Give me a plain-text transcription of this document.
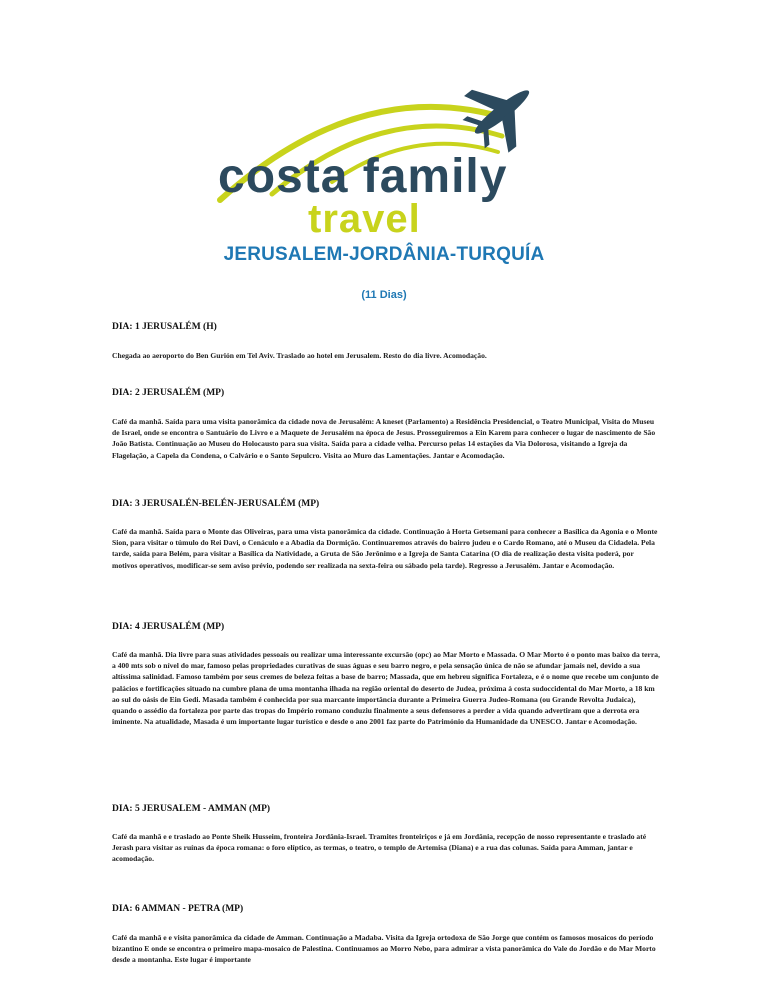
costa family
travel
JERUSALEM-JORDÂNIA-TURQUÍA
(11 Dias)
DIA: 1 JERUSALÉM (H)

Chegada ao aeroporto do Ben Gurión em Tel Aviv. Traslado ao hotel em Jerusalem. Resto do dia livre. Acomodação.

DIA: 2 JERUSALÉM (MP)

Café da manhã. Saída para uma visita panorâmica da cidade nova de Jerusalém: A kneset (Parlamento) a Residência Presidencial, o Teatro Municipal, Visita do Museu de Israel, onde se encontra o Santuário do Livro e a Maquete de Jerusalém na época de Jesus. Prosseguiremos a Ein Karem para conhecer o lugar de nascimento de São João Batista. Continuação ao Museu do Holocausto para sua visita. Saída para a cidade velha. Percurso pelas 14 estações da Via Dolorosa, visitando a Igreja da Flagelação, a Capela da Condena, o Calvário e o Santo Sepulcro. Visita ao Muro das Lamentações. Jantar e Acomodação.

DIA: 3 JERUSALÉN-BELÉN-JERUSALÉM (MP)

Café da manhã. Saída para o Monte das Oliveiras, para uma vista panorâmica da cidade. Continuação à Horta Getsemani para conhecer a Basílica da Agonia e o Monte Sion, para visitar o túmulo do Rei Davi, o Cenáculo e a Abadia da Dormição. Continuaremos através do bairro judeu e o Cardo Romano, até o Museu da Cidadela. Pela tarde, saída para Belém, para visitar a Basílica da Natividade, a Gruta de São Jerônimo e a Igreja de Santa Catarina (O dia de realização desta visita poderá, por motivos operativos, modificar-se sem aviso prévio, podendo ser realizada na sexta-feira ou sábado pela tarde). Regresso a Jerusalém. Jantar e Acomodação.

DIA: 4 JERUSALÉM (MP)

Café da manhã. Dia livre para suas atividades pessoais ou realizar uma interessante excursão (opc) ao Mar Morto e Massada. O Mar Morto é o ponto mas baixo da terra, a 400 mts sob o nível do mar, famoso pelas propriedades curativas de suas águas e seu barro negro, e pela sensação única de não se afundar jamais nel, devido a sua altíssima salinidad. Famoso também por seus cremes de beleza feitas a base de barro; Massada, que em hebreu significa Fortaleza, e é o nome que recebe um conjunto de palácios e fortificações situado na cumbre plana de uma montanha ilhada na região oriental do deserto de Judea, próxima à costa sudoccidental do Mar Morto, a 18 km ao sul do oásis de Ein Gedi. Masada também é conhecida por sua marcante importância durante a Primeira Guerra Judeo-Romana (ou Grande Revolta Judaica), quando o assédio da fortaleza por parte das tropas do Império romano conduziu finalmente a seus defensores a perder a vida quando advertiram que a derrota era iminente. Na atualidade, Masada é um importante lugar turístico e desde o ano 2001 faz parte do Património da Humanidade da UNESCO. Jantar e Acomodação.

DIA: 5 JERUSALEM - AMMAN (MP)

Café da manhã e e traslado ao Ponte Sheik Husseim, fronteira Jordânia-Israel. Tramites fronteiriços e já em Jordânia, recepção de nosso representante e traslado até Jerash para visitar as ruínas da época romana: o foro elíptico, as termas, o teatro, o templo de Artemisa (Diana) e a rua das colunas. Saída para Amman, jantar e acomodação.

DIA: 6 AMMAN - PETRA (MP)

Café da manhã e e visita panorâmica da cidade de Amman. Continuação a Madaba. Visita da Igreja ortodoxa de São Jorge que contém os famosos mosaicos do período bizantino E onde se encontra o primeiro mapa-mosaico de Palestina. Continuamos ao Morro Nebo, para admirar a vista panorâmica do Vale do Jordão e do Mar Morto desde a montanha. Este lugar é importante
